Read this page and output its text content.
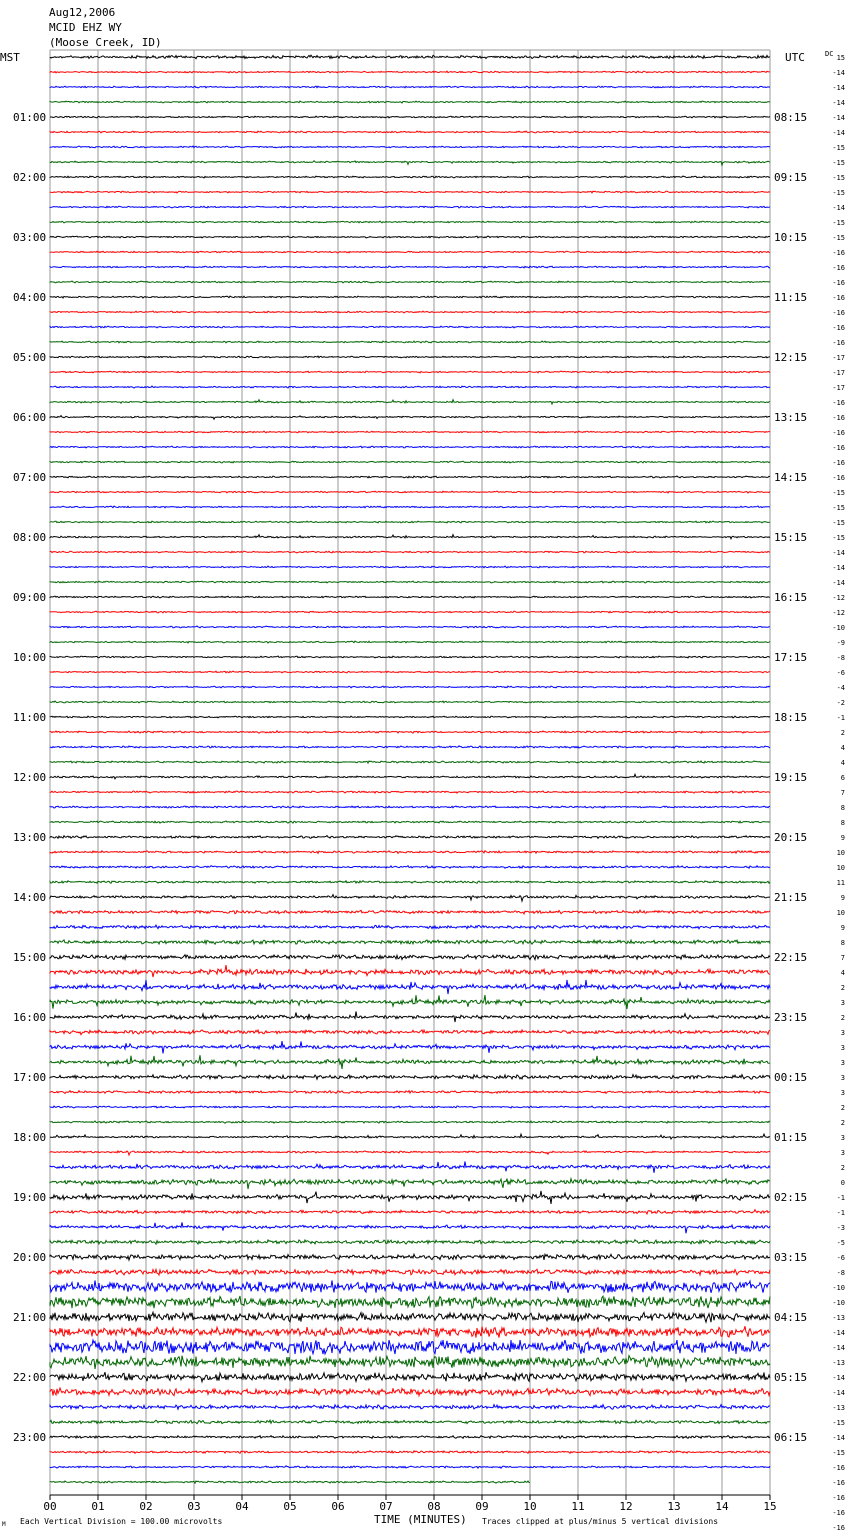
Aug12,2006
MCID EHZ WY
(Moose Creek, ID)
MST	UTC	DC
01:00
02:00
03:00
04:00
05:00
06:00
07:00
08:00
09:00
10:00
11:00
12:00
13:00
14:00
15:00
16:00
17:00
18:00
19:00
20:00
21:00
22:00
23:00
08:15
09:15
10:15
11:15
12:15
13:15
14:15
15:15
16:15
17:15
18:15
19:15
20:15
21:15
22:15
23:15
00:15
01:15
02:15
03:15
04:15
05:15
06:15
15
-14
-14
-14
-14
-14
-15
-15
-15
-15
-14
-15
-15
-16
-16
-16
-16
-16
-16
-16
-17
-17
-17
-16
-16
-16
-16
-16
-16
-15
-15
-15
-15
-14
-14
-14
-12
-12
-10
-9
-8
-6
-4
-2
-1
2
4
4
6
7
8
8
9
10
10
11
9
10
9
8
7
4
2
3
2
3
3
3
3
3
2
2
3
3
2
0
-1
-1
-3
-5
-6
-8
-10
-10
-13
-14
-14
-13
-14
-14
-13
-15
-14
-15
-16
-16
-16
-16
-16
00	01	02	03	04	05	06	07	08	09	10	11	12	13	14	15
M Each Vertical Division = 100.00 microvolts	TIME (MINUTES) Traces clipped at plus/minus 5 vertical divisions
